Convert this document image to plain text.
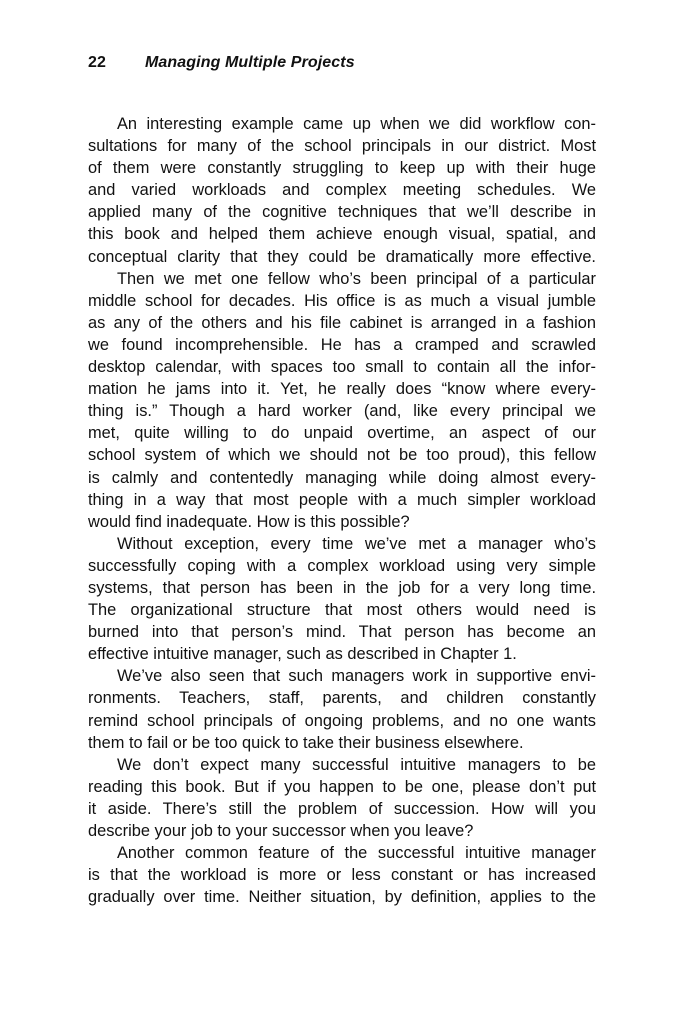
22 Managing Multiple Projects
An interesting example came up when we did workflow con-
sultations for many of the school principals in our district. Most
of them were constantly struggling to keep up with their huge
and varied workloads and complex meeting schedules. We
applied many of the cognitive techniques that we’ll describe in
this book and helped them achieve enough visual, spatial, and
conceptual clarity that they could be dramatically more effective.
Then we met one fellow who’s been principal of a particular
middle school for decades. His office is as much a visual jumble
as any of the others and his file cabinet is arranged in a fashion
we found incomprehensible. He has a cramped and scrawled
desktop calendar, with spaces too small to contain all the infor-
mation he jams into it. Yet, he really does “know where every-
thing is.” Though a hard worker (and, like every principal we
met, quite willing to do unpaid overtime, an aspect of our
school system of which we should not be too proud), this fellow
is calmly and contentedly managing while doing almost every-
thing in a way that most people with a much simpler workload
would find inadequate. How is this possible?
Without exception, every time we’ve met a manager who’s
successfully coping with a complex workload using very simple
systems, that person has been in the job for a very long time.
The organizational structure that most others would need is
burned into that person’s mind. That person has become an
effective intuitive manager, such as described in Chapter 1.
We’ve also seen that such managers work in supportive envi-
ronments. Teachers, staff, parents, and children constantly
remind school principals of ongoing problems, and no one wants
them to fail or be too quick to take their business elsewhere.
We don’t expect many successful intuitive managers to be
reading this book. But if you happen to be one, please don’t put
it aside. There’s still the problem of succession. How will you
describe your job to your successor when you leave?
Another common feature of the successful intuitive manager
is that the workload is more or less constant or has increased
gradually over time. Neither situation, by definition, applies to the
